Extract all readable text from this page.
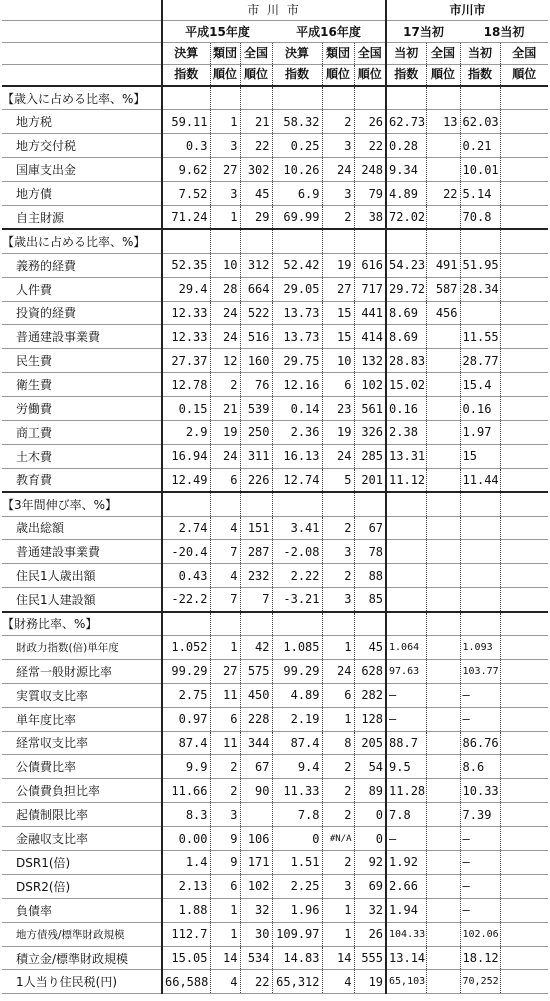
	市 川 市						市川市			
	平成15年度			平成16年度			17当初		18当初	
	決算	類団	全国	決算	類団	全国	当初	全国	当初	全国
	指数	順位	順位	指数	順位	順位	指数	順位	指数	順位
【歳入に占める比率、%】										
地方税	59.11	1	21	58.32	2	26	62.73	13	62.03	
地方交付税	0.3	3	22	0.25	3	22	0.28		0.21	
国庫支出金	9.62	27	302	10.26	24	248	9.34		10.01	
地方債	7.52	3	45	6.9	3	79	4.89	22	5.14	
自主財源	71.24	1	29	69.99	2	38	72.02		70.8	
【歳出に占める比率、%】										
義務的経費	52.35	10	312	52.42	19	616	54.23	491	51.95	
人件費	29.4	28	664	29.05	27	717	29.72	587	28.34	
投資的経費	12.33	24	522	13.73	15	441	8.69	456		
普通建設事業費	12.33	24	516	13.73	15	414	8.69		11.55	
民生費	27.37	12	160	29.75	10	132	28.83		28.77	
衛生費	12.78	2	76	12.16	6	102	15.02		15.4	
労働費	0.15	21	539	0.14	23	561	0.16		0.16	
商工費	2.9	19	250	2.36	19	326	2.38		1.97	
土木費	16.94	24	311	16.13	24	285	13.31		15	
教育費	12.49	6	226	12.74	5	201	11.12		11.44	
【3年間伸び率、%】										
歳出総額	2.74	4	151	3.41	2	67				
普通建設事業費	-20.4	7	287	-2.08	3	78				
住民1人歳出額	0.43	4	232	2.22	2	88				
住民1人建設額	-22.2	7	7	-3.21	3	85				
【財務比率、%】										
財政力指数(倍)単年度	1.052	1	42	1.085	1	45	1.064		1.093	
経常一般財源比率	99.29	27	575	99.29	24	628	97.63		103.77	
実質収支比率	2.75	11	450	4.89	6	282	–		–	
単年度比率	0.97	6	228	2.19	1	128	–		–	
経常収支比率	87.4	11	344	87.4	8	205	88.7		86.76	
公債費比率	9.9	2	67	9.4	2	54	9.5		8.6	
公債費負担比率	11.66	2	90	11.33	2	89	11.28		10.33	
起債制限比率	8.3	3		7.8	2	0	7.8		7.39	
金融収支比率	0.00	9	106	0	#N/A	0	–		–	
DSR1(倍)	1.4	9	171	1.51	2	92	1.92		–	
DSR2(倍)	2.13	6	102	2.25	3	69	2.66		–	
負債率	1.88	1	32	1.96	1	32	1.94		–	
地方債残/標準財政規模	112.7	1	30	109.97	1	26	104.33		102.06	
積立金/標準財政規模	15.05	14	534	14.83	14	555	13.14		18.12	
1人当り住民税(円)	66,588	4	22	65,312	4	19	65,103		70,252	
